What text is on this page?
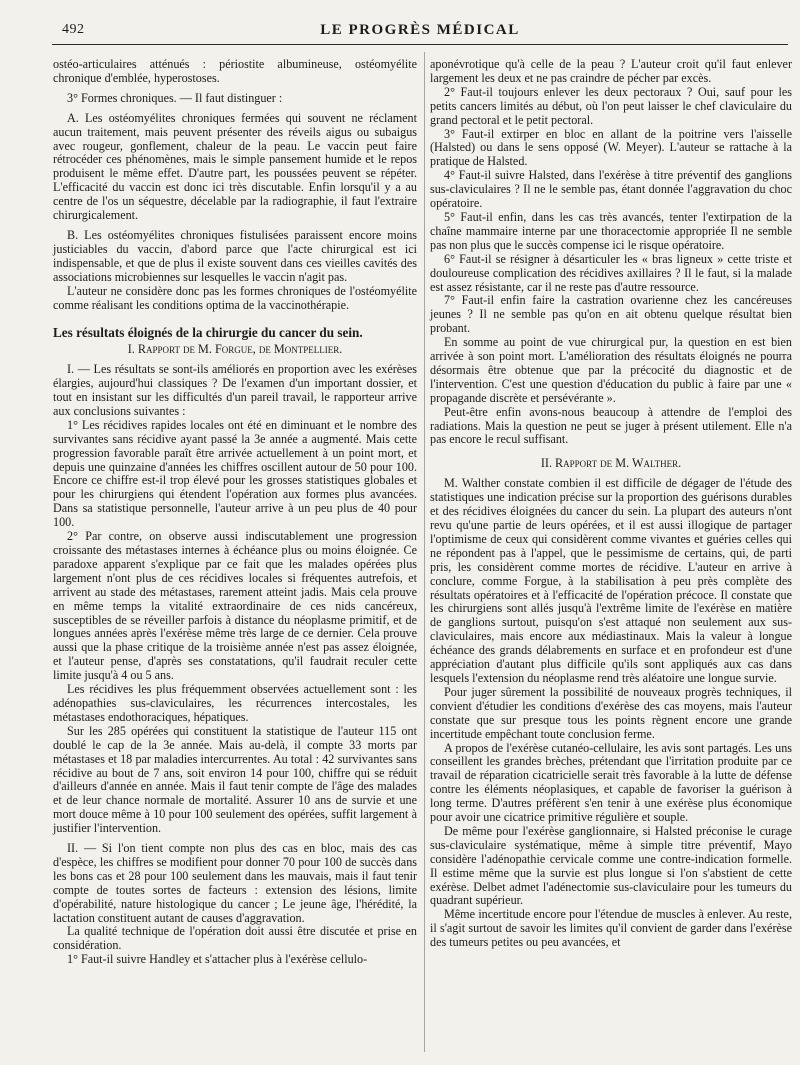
492	LE PROGRÈS MÉDICAL

ostéo-articulaires atténués : périostite albumineuse, ostéomyélite chronique d'emblée, hyperostoses.

3° Formes chroniques. — Il faut distinguer :

A. Les ostéomyélites chroniques fermées qui souvent ne réclament aucun traitement, mais peuvent présenter des réveils aigus ou subaigus avec rougeur, gonflement, chaleur de la peau. Le vaccin peut faire rétrocéder ces phénomènes, mais le simple pansement humide et le repos produisent le même effet. D'autre part, les poussées peuvent se répéter. L'efficacité du vaccin est donc ici très discutable. Enfin lorsqu'il y a au centre de l'os un séquestre, décelable par la radiographie, il faut l'extraire chirurgicalement.

B. Les ostéomyélites chroniques fistulisées paraissent encore moins justiciables du vaccin, d'abord parce que l'acte chirurgical est ici indispensable, et que de plus il existe souvent dans ces vieilles cavités des associations microbiennes sur lesquelles le vaccin n'agit pas.

L'auteur ne considère donc pas les formes chroniques de l'ostéomyélite comme réalisant les conditions optima de la vaccinothérapie.

Les résultats éloignés de la chirurgie du cancer du sein.

I. Rapport de M. Forgue, de Montpellier.

I. — Les résultats se sont-ils améliorés en proportion avec les exérèses élargies, aujourd'hui classiques ? De l'examen d'un important dossier, et tout en insistant sur les difficultés d'un pareil travail, le rapporteur arrive aux conclusions suivantes :

1° Les récidives rapides locales ont été en diminuant et le nombre des survivantes sans récidive ayant passé la 3e année a augmenté. Mais cette progression favorable paraît être arrivée actuellement à un point mort, et depuis une quinzaine d'années les chiffres oscillent autour de 50 pour 100. Encore ce chiffre est-il trop élevé pour les grosses statistiques globales et pour les chirurgiens qui étendent l'opération aux formes plus avancées. Dans sa statistique personnelle, l'auteur arrive à un peu plus de 40 pour 100.

2° Par contre, on observe aussi indiscutablement une progression croissante des métastases internes à échéance plus ou moins éloignée. Ce paradoxe apparent s'explique par ce fait que les malades opérées plus largement n'ont plus de ces récidives locales si fréquentes autrefois, et arrivent au stade des métastases, rarement atteint jadis. Mais cela prouve en même temps la vitalité extraordinaire de ces nids cancéreux, susceptibles de se réveiller parfois à distance du néoplasme primitif, et de longues années après l'exérèse même très large de ce dernier. Cela prouve aussi que la phase critique de la troisième année n'est pas assez éloignée, et l'auteur pense, d'après ses constatations, qu'il faudrait reculer cette limite jusqu'à 4 ou 5 ans.

Les récidives les plus fréquemment observées actuellement sont : les adénopathies sus-claviculaires, les récurrences intercostales, les métastases endothoraciques, hépatiques.

Sur les 285 opérées qui constituent la statistique de l'auteur 115 ont doublé le cap de la 3e année. Mais au-delà, il compte 33 morts par métastases et 18 par maladies intercurrentes. Au total : 42 survivantes sans récidive au bout de 7 ans, soit environ 14 pour 100, chiffre qui se réduit d'ailleurs d'année en année. Mais il faut tenir compte de l'âge des malades et de leur chance normale de mortalité. Assurer 10 ans de survie et une mort douce même à 10 pour 100 seulement des opérées, suffit largement à justifier l'intervention.

II. — Si l'on tient compte non plus des cas en bloc, mais des cas d'espèce, les chiffres se modifient pour donner 70 pour 100 de succès dans les bons cas et 28 pour 100 seulement dans les mauvais, mais il faut tenir compte de toutes sortes de facteurs : extension des lésions, limite d'opérabilité, nature histologique du cancer ; Le jeune âge, l'hérédité, la lactation constituent autant de causes d'aggravation.

La qualité technique de l'opération doit aussi être discutée et prise en considération.

1° Faut-il suivre Handley et s'attacher plus à l'exérèse cellulo-

aponévrotique qu'à celle de la peau ? L'auteur croit qu'il faut enlever largement les deux et ne pas craindre de pécher par excès.

2° Faut-il toujours enlever les deux pectoraux ? Oui, sauf pour les petits cancers limités au début, où l'on peut laisser le chef claviculaire du grand pectoral et le petit pectoral.

3° Faut-il extirper en bloc en allant de la poitrine vers l'aisselle (Halsted) ou dans le sens opposé (W. Meyer). L'auteur se rattache à la pratique de Halsted.

4° Faut-il suivre Halsted, dans l'exérèse à titre préventif des ganglions sus-claviculaires ? Il ne le semble pas, étant donnée l'aggravation du choc opératoire.

5° Faut-il enfin, dans les cas très avancés, tenter l'extirpation de la chaîne mammaire interne par une thoracectomie appropriée Il ne semble pas non plus que le succès compense ici le risque opératoire.

6° Faut-il se résigner à désarticuler les « bras ligneux » cette triste et douloureuse complication des récidives axillaires ? Il le faut, si la malade est assez résistante, car il ne reste pas d'autre ressource.

7° Faut-il enfin faire la castration ovarienne chez les cancéreuses jeunes ? Il ne semble pas qu'on en ait obtenu quelque résultat bien probant.

En somme au point de vue chirurgical pur, la question en est bien arrivée à son point mort. L'amélioration des résultats éloignés ne pourra désormais être obtenue que par la précocité du diagnostic et de l'intervention. C'est une question d'éducation du public à faire par une « propagande discrète et persévérante ».

Peut-être enfin avons-nous beaucoup à attendre de l'emploi des radiations. Mais la question ne peut se juger à présent utilement. Elle n'a pas encore le recul suffisant.

II. Rapport de M. Walther.

M. Walther constate combien il est difficile de dégager de l'étude des statistiques une indication précise sur la proportion des guérisons durables et des récidives éloignées du cancer du sein. La plupart des auteurs n'ont revu qu'une partie de leurs opérées, et il est aussi illogique de partager l'optimisme de ceux qui considèrent comme vivantes et guéries celles qui ne répondent pas à l'appel, que le pessimisme de certains, qui, de parti pris, les considèrent comme mortes de récidive. L'auteur en arrive à conclure, comme Forgue, à la stabilisation à peu près complète des résultats opératoires et à l'efficacité de l'opération précoce. Il constate que les chirurgiens sont allés jusqu'à l'extrême limite de l'exérèse en matière de ganglions surtout, puisqu'on s'est attaqué non seulement aux sus-claviculaires, mais encore aux médiastinaux. Mais la valeur à longue échéance des grands délabrements en surface et en profondeur est d'une appréciation d'autant plus difficile qu'ils sont appliqués aux cas dans lesquels l'extension du néoplasme rend très aléatoire une longue survie.

Pour juger sûrement la possibilité de nouveaux progrès techniques, il convient d'étudier les conditions d'exérèse des cas moyens, mais l'auteur constate que sur presque tous les points règnent encore une grande incertitude empêchant toute conclusion ferme.

A propos de l'exérèse cutanéo-cellulaire, les avis sont partagés. Les uns conseillent les grandes brèches, prétendant que l'irritation produite par ce travail de réparation cicatricielle serait très favorable à la lutte de défense contre les éléments néoplasiques, et capable de favoriser la guérison à long terme. D'autres préfèrent s'en tenir à une exérèse plus économique pour avoir une cicatrice primitive régulière et souple.

De même pour l'exérèse ganglionnaire, si Halsted préconise le curage sus-claviculaire systématique, même à simple titre préventif, Mayo considère l'adénopathie cervicale comme une contre-indication formelle. Il estime même que la survie est plus longue si l'on s'abstient de cette exérèse. Delbet admet l'adénectomie sus-claviculaire pour les tumeurs du quadrant supérieur.

Même incertitude encore pour l'étendue de muscles à enlever. Au reste, il s'agit surtout de savoir les limites qu'il convient de garder dans l'exérèse des tumeurs petites ou peu avancées, et
